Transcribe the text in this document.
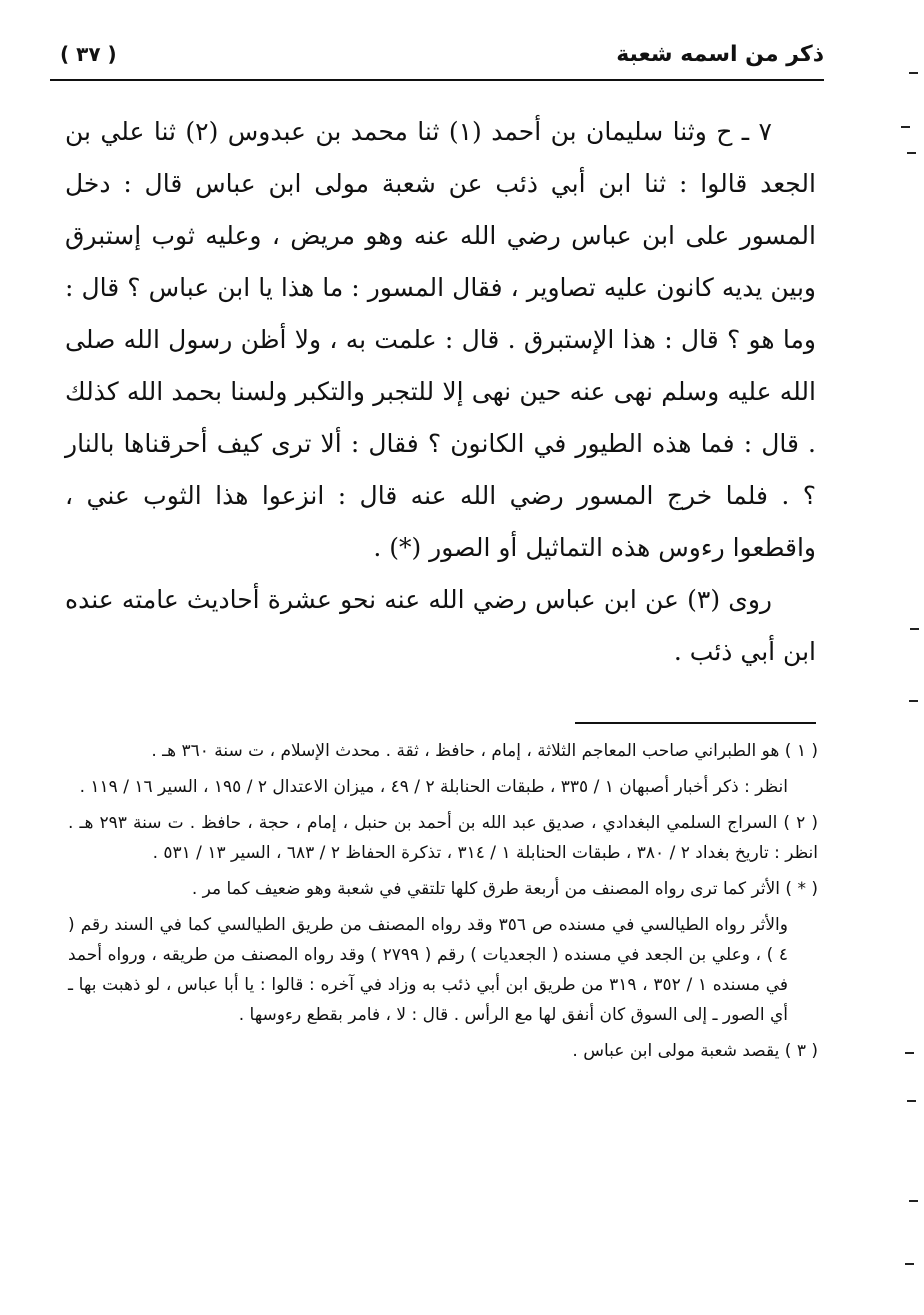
ذكر من اسمه شعبة
( ٣٧ )

٧ ـ ح وثنا سليمان بن أحمد (١) ثنا محمد بن عبدوس (٢) ثنا علي بن الجعد قالوا : ثنا ابن أبي ذئب عن شعبة مولى ابن عباس قال : دخل المسور على ابن عباس رضي الله عنه وهو مريض ، وعليه ثوب إستبرق وبين يديه كانون عليه تصاوير ، فقال المسور : ما هذا يا ابن عباس ؟ قال : وما هو ؟ قال : هذا الإستبرق . قال : علمت به ، ولا أظن رسول الله صلى الله عليه وسلم نهى عنه حين نهى إلا للتجبر والتكبر ولسنا بحمد الله كذلك . قال : فما هذه الطيور في الكانون ؟ فقال : ألا ترى كيف أحرقناها بالنار ؟ . فلما خرج المسور رضي الله عنه قال : انزعوا هذا الثوب عني ، واقطعوا رءوس هذه التماثيل أو الصور (*) .

روى (٣) عن ابن عباس رضي الله عنه نحو عشرة أحاديث عامته عنده ابن أبي ذئب .

( ١ ) هو الطبراني صاحب المعاجم الثلاثة ، إمام ، حافظ ، ثقة . محدث الإسلام ، ت سنة ٣٦٠ هـ .

انظر : ذكر أخبار أصبهان ١ / ٣٣٥ ، طبقات الحنابلة ٢ / ٤٩ ، ميزان الاعتدال ٢ / ١٩٥ ، السير ١٦ / ١١٩ .

( ٢ ) السراج السلمي البغدادي ، صديق عبد الله بن أحمد بن حنبل ، إمام ، حجة ، حافظ . ت سنة ٢٩٣ هـ . انظر : تاريخ بغداد ٢ / ٣٨٠ ، طبقات الحنابلة ١ / ٣١٤ ، تذكرة الحفاظ ٢ / ٦٨٣ ، السير ١٣ / ٥٣١ .

( * ) الأثر كما ترى رواه المصنف من أربعة طرق كلها تلتقي في شعبة وهو ضعيف كما مر .

والأثر رواه الطيالسي في مسنده ص ٣٥٦ وقد رواه المصنف من طريق الطيالسي كما في السند رقم ( ٤ ) ، وعلي بن الجعد في مسنده ( الجعديات ) رقم ( ٢٧٩٩ ) وقد رواه المصنف من طريقه ، ورواه أحمد في مسنده ١ / ٣٥٢ ، ٣١٩ من طريق ابن أبي ذئب به وزاد في آخره : قالوا : يا أبا عباس ، لو ذهبت بها ـ أي الصور ـ إلى السوق كان أنفق لها مع الرأس . قال : لا ، فامر بقطع رءوسها .

( ٣ ) يقصد شعبة مولى ابن عباس .
